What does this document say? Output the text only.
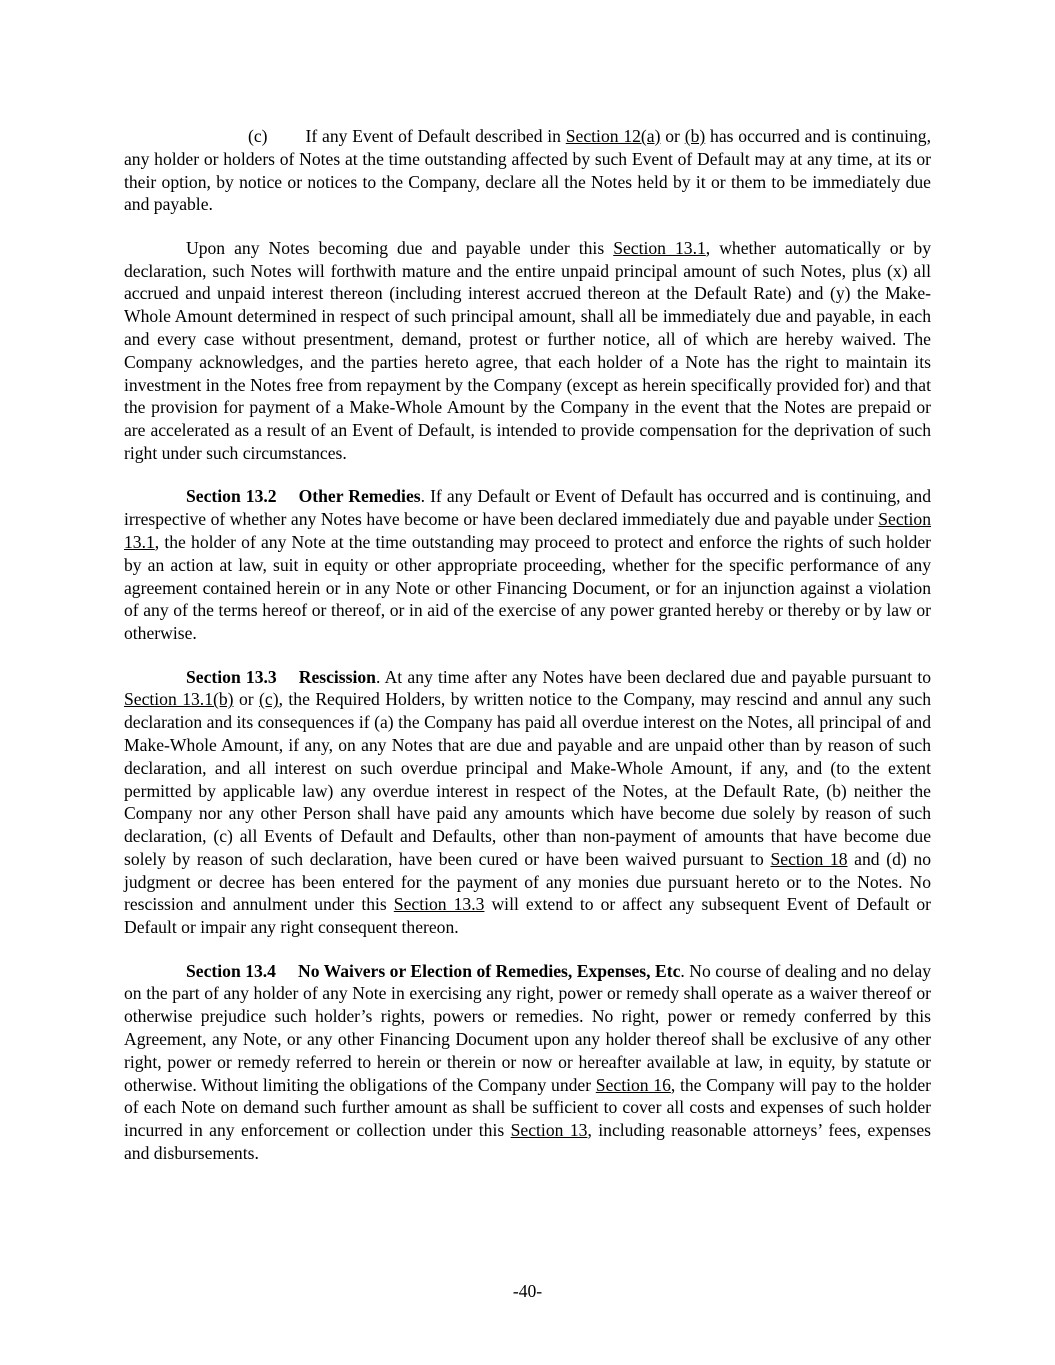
(c) If any Event of Default described in Section 12(a) or (b) has occurred and is continuing, any holder or holders of Notes at the time outstanding affected by such Event of Default may at any time, at its or their option, by notice or notices to the Company, declare all the Notes held by it or them to be immediately due and payable.

Upon any Notes becoming due and payable under this Section 13.1, whether automatically or by declaration, such Notes will forthwith mature and the entire unpaid principal amount of such Notes, plus (x) all accrued and unpaid interest thereon (including interest accrued thereon at the Default Rate) and (y) the Make-Whole Amount determined in respect of such principal amount, shall all be immediately due and payable, in each and every case without presentment, demand, protest or further notice, all of which are hereby waived. The Company acknowledges, and the parties hereto agree, that each holder of a Note has the right to maintain its investment in the Notes free from repayment by the Company (except as herein specifically provided for) and that the provision for payment of a Make-Whole Amount by the Company in the event that the Notes are prepaid or are accelerated as a result of an Event of Default, is intended to provide compensation for the deprivation of such right under such circumstances.

Section 13.2 Other Remedies. If any Default or Event of Default has occurred and is continuing, and irrespective of whether any Notes have become or have been declared immediately due and payable under Section 13.1, the holder of any Note at the time outstanding may proceed to protect and enforce the rights of such holder by an action at law, suit in equity or other appropriate proceeding, whether for the specific performance of any agreement contained herein or in any Note or other Financing Document, or for an injunction against a violation of any of the terms hereof or thereof, or in aid of the exercise of any power granted hereby or thereby or by law or otherwise.

Section 13.3 Rescission. At any time after any Notes have been declared due and payable pursuant to Section 13.1(b) or (c), the Required Holders, by written notice to the Company, may rescind and annul any such declaration and its consequences if (a) the Company has paid all overdue interest on the Notes, all principal of and Make-Whole Amount, if any, on any Notes that are due and payable and are unpaid other than by reason of such declaration, and all interest on such overdue principal and Make-Whole Amount, if any, and (to the extent permitted by applicable law) any overdue interest in respect of the Notes, at the Default Rate, (b) neither the Company nor any other Person shall have paid any amounts which have become due solely by reason of such declaration, (c) all Events of Default and Defaults, other than non-payment of amounts that have become due solely by reason of such declaration, have been cured or have been waived pursuant to Section 18 and (d) no judgment or decree has been entered for the payment of any monies due pursuant hereto or to the Notes. No rescission and annulment under this Section 13.3 will extend to or affect any subsequent Event of Default or Default or impair any right consequent thereon.

Section 13.4 No Waivers or Election of Remedies, Expenses, Etc. No course of dealing and no delay on the part of any holder of any Note in exercising any right, power or remedy shall operate as a waiver thereof or otherwise prejudice such holder’s rights, powers or remedies. No right, power or remedy conferred by this Agreement, any Note, or any other Financing Document upon any holder thereof shall be exclusive of any other right, power or remedy referred to herein or therein or now or hereafter available at law, in equity, by statute or otherwise. Without limiting the obligations of the Company under Section 16, the Company will pay to the holder of each Note on demand such further amount as shall be sufficient to cover all costs and expenses of such holder incurred in any enforcement or collection under this Section 13, including reasonable attorneys’ fees, expenses and disbursements.

-40-
